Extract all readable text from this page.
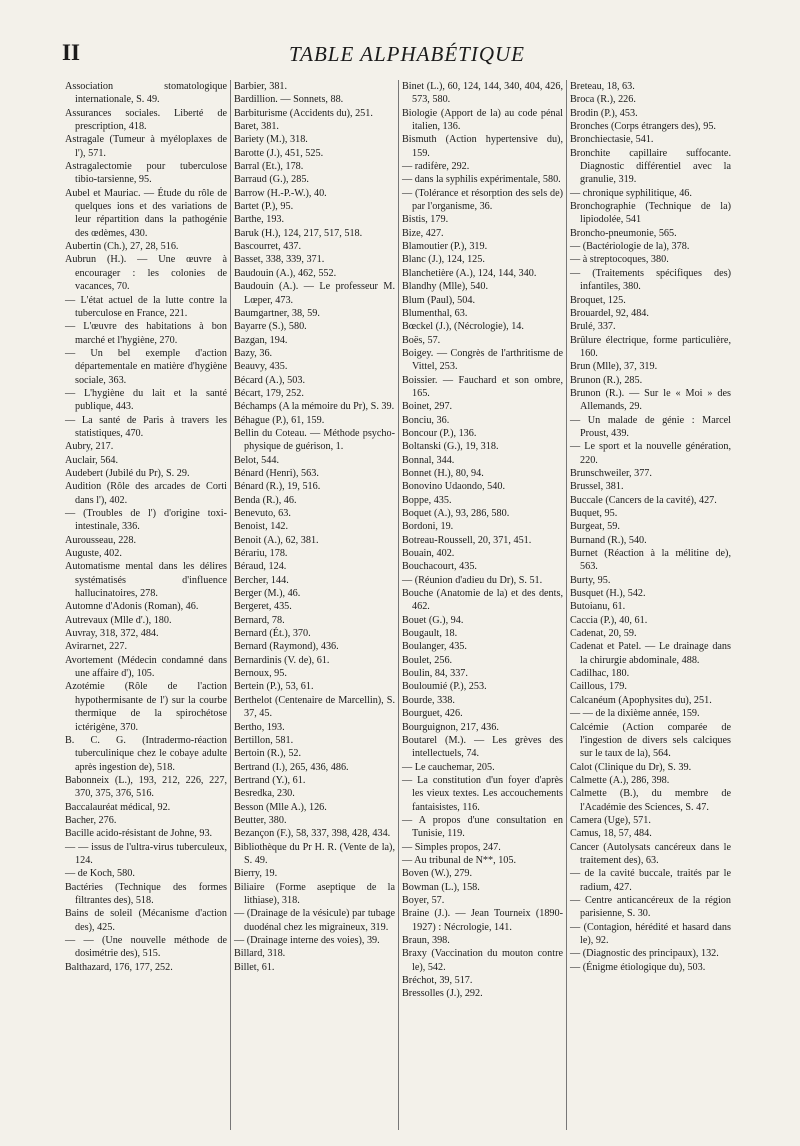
II	TABLE ALPHABÉTIQUE

Association stomatologique internationale, S. 49.

Assurances sociales. Liberté de prescription, 418.

Astragale (Tumeur à myéloplaxes de l'), 571.

Astragalectomie pour tuberculose tibio-tarsienne, 95.

Aubel et Mauriac. — Étude du rôle de quelques ions et des variations de leur répartition dans la pathogénie des œdèmes, 430.

Aubertin (Ch.), 27, 28, 516.

Aubrun (H.). — Une œuvre à encourager : les colonies de vacances, 70.

— L'état actuel de la lutte contre la tuberculose en France, 221.

— L'œuvre des habitations à bon marché et l'hygiène, 270.

— Un bel exemple d'action départementale en matière d'hygiène sociale, 363.

— L'hygiène du lait et la santé publique, 443.

— La santé de Paris à travers les statistiques, 470.

Aubry, 217.

Auclair, 564.

Audebert (Jubilé du Pr), S. 29.

Audition (Rôle des arcades de Corti dans l'), 402.

— (Troubles de l') d'origine toxi-intestinale, 336.

Aurousseau, 228.

Auguste, 402.

Automatisme mental dans les délires systématisés d'influence hallucinatoires, 278.

Automne d'Adonis (Roman), 46.

Autrevaux (Mlle d'.), 180.

Auvray, 318, 372, 484.

Avirагnet, 227.

Avortement (Médecin condamné dans une affaire d'), 105.

Azotémie (Rôle de l'action hypothermisante de l') sur la courbe thermique de la spirochétose ictérigène, 370.

B. C. G. (Intradermo-réaction tuberculinique chez le cobaye adulte après ingestion de), 518.

Babonneix (L.), 193, 212, 226, 227, 370, 375, 376, 516.

Baccalauréat médical, 92.

Bacher, 276.

Bacille acido-résistant de Johne, 93.

— — issus de l'ultra-virus tuberculeux, 124.

— de Koch, 580.

Bactéries (Technique des formes filtrantes des), 518.

Bains de soleil (Mécanisme d'action des), 425.

— — (Une nouvelle méthode de dosimétrie des), 515.

Balthazard, 176, 177, 252.

Barbier, 381.

Bardillion. — Sonnets, 88.

Barbiturisme (Accidents du), 251.

Baret, 381.

Bariety (M.), 318.

Barotte (J.), 451, 525.

Barral (Et.), 178.

Barraud (G.), 285.

Barrow (H.-P.-W.), 40.

Bartet (P.), 95.

Barthe, 193.

Baruk (H.), 124, 217, 517, 518.

Bascourret, 437.

Basset, 338, 339, 371.

Baudouin (A.), 462, 552.

Baudouin (A.). — Le professeur M. Lœper, 473.

Baumgartner, 38, 59.

Bayarre (S.), 580.

Bazgan, 194.

Bazy, 36.

Beauvy, 435.

Bécard (A.), 503.

Bécart, 179, 252.

Béchamps (A la mémoire du Pr), S. 39.

Béhague (P.), 61, 159.

Bellin du Coteau. — Méthode psycho-physique de guérison, 1.

Belot, 544.

Bénard (Henri), 563.

Bénard (R.), 19, 516.

Benda (R.), 46.

Benevuto, 63.

Benoist, 142.

Benoit (A.), 62, 381.

Bérariu, 178.

Béraud, 124.

Bercher, 144.

Berger (M.), 46.

Bergeret, 435.

Bernard, 78.

Bernard (Ét.), 370.

Bernard (Raymond), 436.

Bernardinis (V. de), 61.

Bernoux, 95.

Bertein (P.), 53, 61.

Berthelot (Centenaire de Marcellin), S. 37, 45.

Bertho, 193.

Bertillon, 581.

Bertoin (R.), 52.

Bertrand (I.), 265, 436, 486.

Bertrand (Y.), 61.

Besredka, 230.

Besson (Mlle A.), 126.

Beutter, 380.

Bezançon (F.), 58, 337, 398, 428, 434.

Bibliothèque du Pr H. R. (Vente de la), S. 49.

Bierry, 19.

Biliaire (Forme aseptique de la lithiase), 318.

— (Drainage de la vésicule) par tubage duodénal chez les migraineux, 319.

— (Drainage interne des voies), 39.

Billard, 318.

Billet, 61.

Binet (L.), 60, 124, 144, 340, 404, 426, 573, 580.

Biologie (Apport de la) au code pénal italien, 136.

Bismuth (Action hypertensive du), 159.

— radifère, 292.

— dans la syphilis expérimentale, 580.

— (Tolérance et résorption des sels de) par l'organisme, 36.

Bistis, 179.

Bize, 427.

Blamoutier (P.), 319.

Blanc (J.), 124, 125.

Blanchetière (A.), 124, 144, 340.

Blandhy (Mlle), 540.

Blum (Paul), 504.

Blumenthal, 63.

Bœckel (J.), (Nécrologie), 14.

Boës, 57.

Boigey. — Congrès de l'arthritisme de Vittel, 253.

Boissier. — Fauchard et son ombre, 165.

Boinet, 297.

Bonciu, 36.

Boncour (P.), 136.

Boltanski (G.), 19, 318.

Bonnal, 344.

Bonnet (H.), 80, 94.

Bonovino Udaondo, 540.

Boppe, 435.

Boquet (A.), 93, 286, 580.

Bordoni, 19.

Botreau-Roussell, 20, 371, 451.

Bouain, 402.

Bouchacourt, 435.

— (Réunion d'adieu du Dr), S. 51.

Bouche (Anatomie de la) et des dents, 462.

Bouet (G.), 94.

Bougault, 18.

Boulanger, 435.

Boulet, 256.

Boulin, 84, 337.

Bouloumié (P.), 253.

Bourde, 338.

Bourguet, 426.

Bourguignon, 217, 436.

Boutarel (M.). — Les grèves des intellectuels, 74.

— Le cauchemar, 205.

— La constitution d'un foyer d'après les vieux textes. Les accouchements fantaisistes, 116.

— A propos d'une consultation en Tunisie, 119.

— Simples propos, 247.

— Au tribunal de N**, 105.

Boven (W.), 279.

Bowman (L.), 158.

Boyer, 57.

Braine (J.). — Jean Tourneix (1890-1927) : Nécrologie, 141.

Braun, 398.

Braxy (Vaccination du mouton contre le), 542.

Bréchot, 39, 517.

Bressolles (J.), 292.

Breteau, 18, 63.

Broca (R.), 226.

Brodin (P.), 453.

Bronches (Corps étrangers des), 95.

Bronchiectasie, 541.

Bronchite capillaire suffocante. Diagnostic différentiel avec la granulie, 319.

— chronique syphilitique, 46.

Bronchographie (Technique de la) lipiodolée, 541

Broncho-pneumonie, 565.

— (Bactériologie de la), 378.

— à streptocoques, 380.

— (Traitements spécifiques des) infantiles, 380.

Broquet, 125.

Brouardel, 92, 484.

Brulé, 337.

Brûlure électrique, forme particulière, 160.

Brun (Mlle), 37, 319.

Brunon (R.), 285.

Brunon (R.). — Sur le « Moi » des Allemands, 29.

— Un malade de génie : Marcel Proust, 439.

— Le sport et la nouvelle génération, 220.

Brunschweiler, 377.

Brussel, 381.

Buccale (Cancers de la cavité), 427.

Buquet, 95.

Burgeat, 59.

Burnand (R.), 540.

Burnet (Réaction à la mélitine de), 563.

Burty, 95.

Busquet (H.), 542.

Butoianu, 61.

Caccia (P.), 40, 61.

Cadenat, 20, 59.

Cadenat et Patel. — Le drainage dans la chirurgie abdominale, 488.

Cadilhac, 180.

Caillous, 179.

Calcanéum (Apophysites du), 251.

— — de la dixième année, 159.

Calcémie (Action comparée de l'ingestion de divers sels calciques sur le taux de la), 564.

Calot (Clinique du Dr), S. 39.

Calmette (A.), 286, 398.

Calmette (B.), du membre de l'Académie des Sciences, S. 47.

Camera (Uge), 571.

Camus, 18, 57, 484.

Cancer (Autolysats cancéreux dans le traitement des), 63.

— de la cavité buccale, traités par le radium, 427.

— Centre anticancéreux de la région parisienne, S. 30.

— (Contagion, hérédité et hasard dans le), 92.

— (Diagnostic des principaux), 132.

— (Énigme étiologique du), 503.
